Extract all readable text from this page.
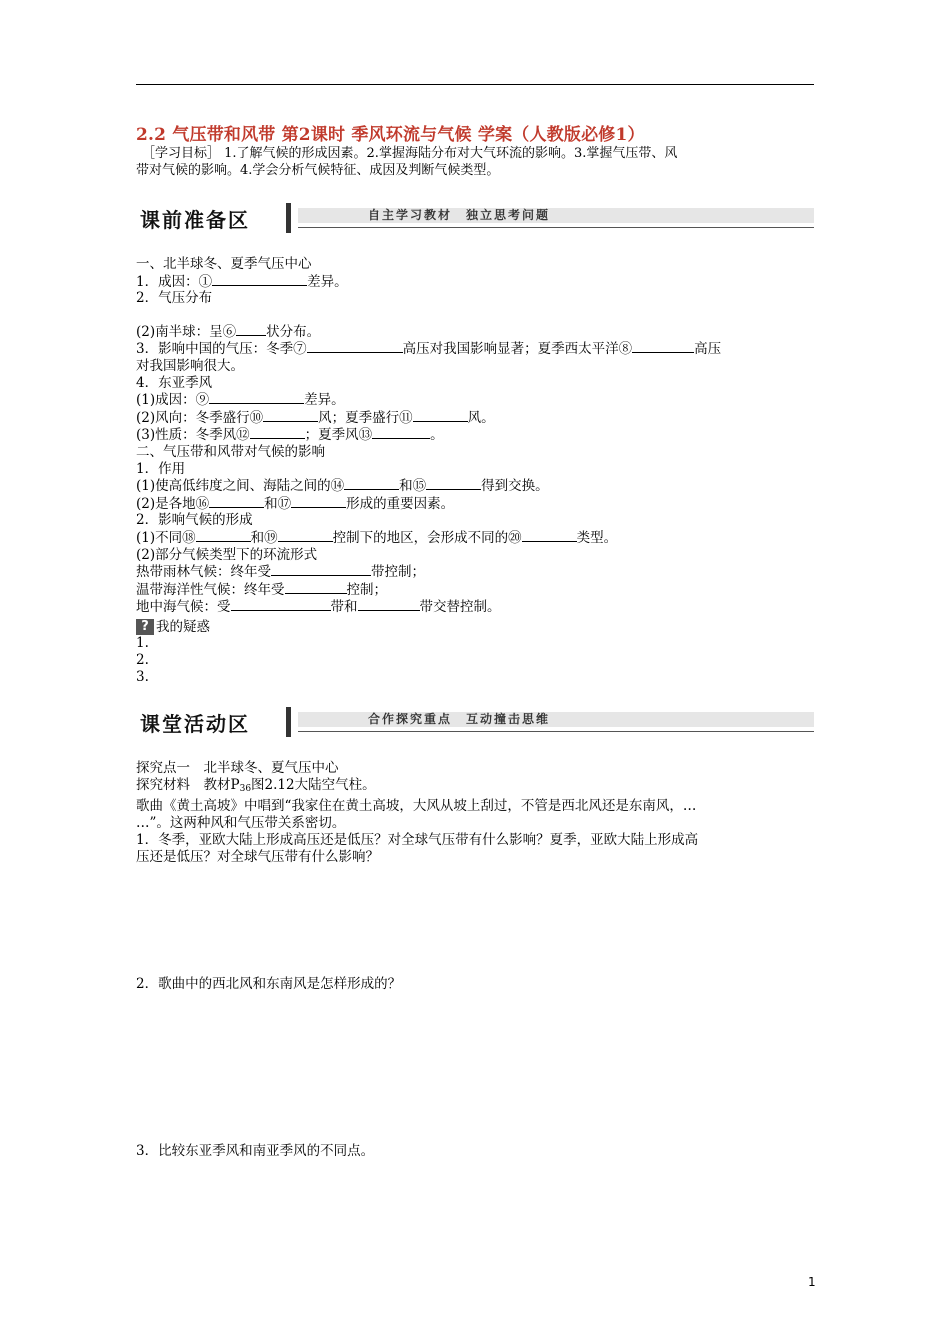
2.2 气压带和风带 第2课时 季风环流与气候 学案（人教版必修1）
［学习目标］ 1.了解气候的形成因素。2.掌握海陆分布对大气环流的影响。3.掌握气压带、风
带对气候的影响。4.学会分析气候特征、成因及判断气候类型。
课前准备区	自主学习教材　独立思考问题
一、北半球冬、夏季气压中心
1．成因：①	差异。
2．气压分布
(2)南半球：呈⑥ 状分布。
3．影响中国的气压：冬季⑦	高压对我国影响显著；夏季西太平洋⑧	高压
对我国影响很大。
4．东亚季风
(1)成因：⑨	差异。
(2)风向：冬季盛行⑩	风；夏季盛行⑪	风。
(3)性质：冬季风⑫	；夏季风⑬	。
二、气压带和风带对气候的影响
1．作用
(1)使高低纬度之间、海陆之间的⑭	和⑮	得到交换。
(2)是各地⑯	和⑰	形成的重要因素。
2．影响气候的形成
(1)不同⑱	和⑲	控制下的地区，会形成不同的⑳	类型。
(2)部分气候类型下的环流形式
热带雨林气候：终年受	带控制；
温带海洋性气候：终年受	控制；
地中海气候：受	带和	带交替控制。
? 我的疑惑
1.
2.
3.
课堂活动区	合作探究重点　互动撞击思维
探究点一　北半球冬、夏气压中心
探究材料　教材P36图2.12大陆空气柱。
歌曲《黄土高坡》中唱到“我家住在黄土高坡，大风从坡上刮过，不管是西北风还是东南风，…
…”。这两种风和气压带关系密切。
1．冬季，亚欧大陆上形成高压还是低压？对全球气压带有什么影响？夏季，亚欧大陆上形成高
压还是低压？对全球气压带有什么影响？
2．歌曲中的西北风和东南风是怎样形成的？
3．比较东亚季风和南亚季风的不同点。
1
